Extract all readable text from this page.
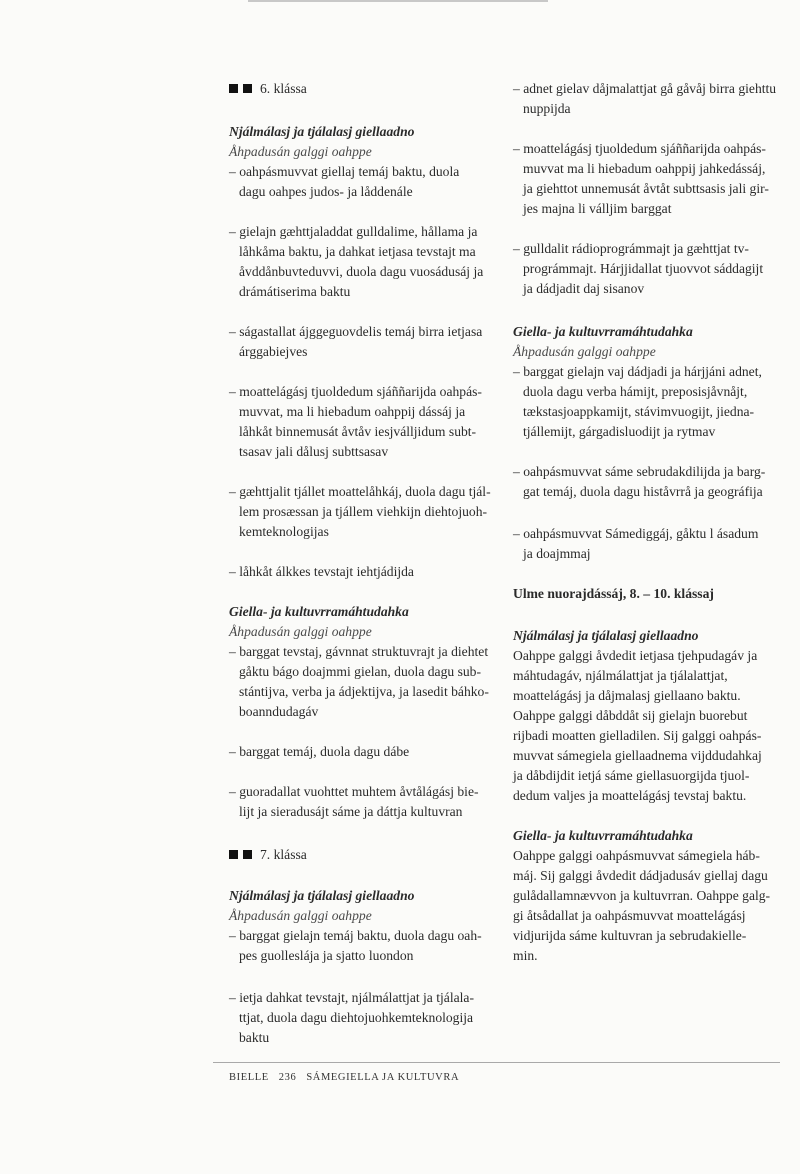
6. klássa
Njálmálasj ja tjálalasj giellaadno
Åhpadusán galggi oahppe
– oahpásmuvvat giellaj temáj baktu, duola
dagu oahpes judos- ja låddenále
– gielajn gæhttjaladdat gulldalime, hållama ja
låhkåma baktu, ja dahkat ietjasa tevstajt ma
åvddånbuvteduvvi, duola dagu vuosádusáj ja
drámátiserima baktu
– ságastallat ájggeguovdelis temáj birra ietjasa
árggabiejves
– moattelágásj tjuoldedum sjáññarijda oahpás-
muvvat, ma li hiebadum oahppij dássáj ja
låhkåt binnemusát åvtåv iesjválljidum subt-
tsasav jali dålusj subttsasav
– gæhttjalit tjállet moattelåhkáj, duola dagu tjál-
lem prosæssan ja tjállem viehkijn diehtojuoh-
kemteknologijas
– låhkåt álkkes tevstajt iehtjádijda
Giella- ja kultuvrramáhtudahka
Åhpadusán galggi oahppe
– barggat tevstaj, gávnnat struktuvrajt ja diehtet
gåktu bágo doajmmi gielan, duola dagu sub-
stántijva, verba ja ádjektijva, ja lasedit báhko-
boanndudagáv
– barggat temáj, duola dagu dábe
– guoradallat vuohttet muhtem åvtålágásj bie-
lijt ja sieradusájt sáme ja dáttja kultuvran
7. klássa
Njálmálasj ja tjálalasj giellaadno
Åhpadusán galggi oahppe
– barggat gielajn temáj baktu, duola dagu oah-
pes guolleslája ja sjatto luondon
– ietja dahkat tevstajt, njálmálattjat ja tjálala-
ttjat, duola dagu diehtojuohkemteknologija
baktu
– adnet gielav dåjmalattjat gå gåvåj birra giehttu
nuppijda
– moattelágásj tjuoldedum sjáññarijda oahpás-
muvvat ma li hiebadum oahppij jahkedássáj,
ja giehttot unnemusát åvtåt subttsasis jali gir-
jes majna li válljim barggat
– gulldalit rádioprográmmajt ja gæhttjat tv-
prográmmajt. Hárjjidallat tjuovvot sáddagijt
ja dádjadit daj sisanov
Giella- ja kultuvrramáhtudahka
Åhpadusán galggi oahppe
– barggat gielajn vaj dádjadi ja hárjjáni adnet,
duola dagu verba hámijt, preposisjåvnåjt,
tækstasjoappkamijt, stávimvuogijt, jiedna-
tjállemijt, gárgadisluodijt ja rytmav
– oahpásmuvvat sáme sebrudakdilijda ja barg-
gat temáj, duola dagu histåvrrå ja geográfija
– oahpásmuvvat Sámediggáj, gåktu l ásadum
ja doajmmaj
Ulme nuorajdássáj, 8. – 10. klássaj
Njálmálasj ja tjálalasj giellaadno
Oahppe galggi åvdedit ietjasa tjehpudagáv ja
máhtudagáv, njálmálattjat ja tjálalattjat,
moattelágásj ja dåjmalasj giellaano baktu.
Oahppe galggi dåbddåt sij gielajn buorebut
rijbadi moatten gielladilen. Sij galggi oahpás-
muvvat sámegiela giellaadnema vijddudahkaj
ja dåbdijdit ietjá sáme giellasuorgijda tjuol-
dedum valjes ja moattelágásj tevstaj baktu.
Giella- ja kultuvrramáhtudahka
Oahppe galggi oahpásmuvvat sámegiela háb-
máj. Sij galggi åvdedit dádjadusáv giellaj dagu
gulådallamnævvon ja kultuvrran. Oahppe galg-
gi åtsådallat ja oahpásmuvvat moattelágásj
vidjurijda sáme kultuvran ja sebrudakielle-
min.
BIELLE 236 SÁMEGIELLA JA KULTUVRA
